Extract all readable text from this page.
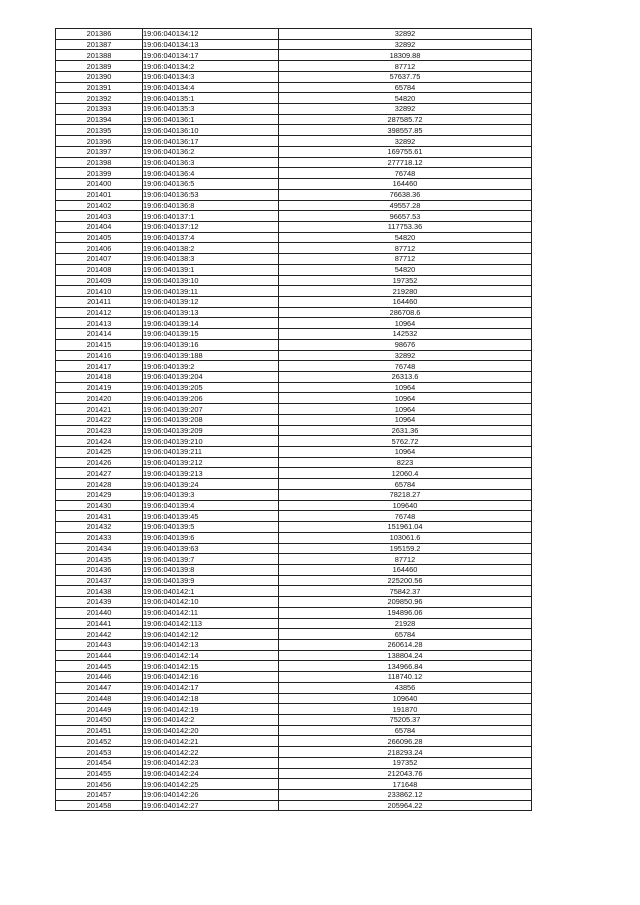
201386	19:06:040134:12	32892
201387	19:06:040134:13	32892
201388	19:06:040134:17	18309.88
201389	19:06:040134:2	87712
201390	19:06:040134:3	57637.75
201391	19:06:040134:4	65784
201392	19:06:040135:1	54820
201393	19:06:040135:3	32892
201394	19:06:040136:1	287585.72
201395	19:06:040136:10	398557.85
201396	19:06:040136:17	32892
201397	19:06:040136:2	169755.61
201398	19:06:040136:3	277718.12
201399	19:06:040136:4	76748
201400	19:06:040136:5	164460
201401	19:06:040136:53	76638.36
201402	19:06:040136:8	49557.28
201403	19:06:040137:1	96657.53
201404	19:06:040137:12	117753.36
201405	19:06:040137:4	54820
201406	19:06:040138:2	87712
201407	19:06:040138:3	87712
201408	19:06:040139:1	54820
201409	19:06:040139:10	197352
201410	19:06:040139:11	219280
201411	19:06:040139:12	164460
201412	19:06:040139:13	286708.6
201413	19:06:040139:14	10964
201414	19:06:040139:15	142532
201415	19:06:040139:16	98676
201416	19:06:040139:188	32892
201417	19:06:040139:2	76748
201418	19:06:040139:204	26313.6
201419	19:06:040139:205	10964
201420	19:06:040139:206	10964
201421	19:06:040139:207	10964
201422	19:06:040139:208	10964
201423	19:06:040139:209	2631.36
201424	19:06:040139:210	5762.72
201425	19:06:040139:211	10964
201426	19:06:040139:212	8223
201427	19:06:040139:213	12060.4
201428	19:06:040139:24	65784
201429	19:06:040139:3	78218.27
201430	19:06:040139:4	109640
201431	19:06:040139:45	76748
201432	19:06:040139:5	151961.04
201433	19:06:040139:6	103061.6
201434	19:06:040139:63	195159.2
201435	19:06:040139:7	87712
201436	19:06:040139:8	164460
201437	19:06:040139:9	225200.56
201438	19:06:040142:1	75842.37
201439	19:06:040142:10	209850.96
201440	19:06:040142:11	194896.06
201441	19:06:040142:113	21928
201442	19:06:040142:12	65784
201443	19:06:040142:13	260614.28
201444	19:06:040142:14	138804.24
201445	19:06:040142:15	134966.84
201446	19:06:040142:16	118740.12
201447	19:06:040142:17	43856
201448	19:06:040142:18	109640
201449	19:06:040142:19	191870
201450	19:06:040142:2	75205.37
201451	19:06:040142:20	65784
201452	19:06:040142:21	266096.28
201453	19:06:040142:22	218293.24
201454	19:06:040142:23	197352
201455	19:06:040142:24	212043.76
201456	19:06:040142:25	171648
201457	19:06:040142:26	233862.12
201458	19:06:040142:27	205964.22
